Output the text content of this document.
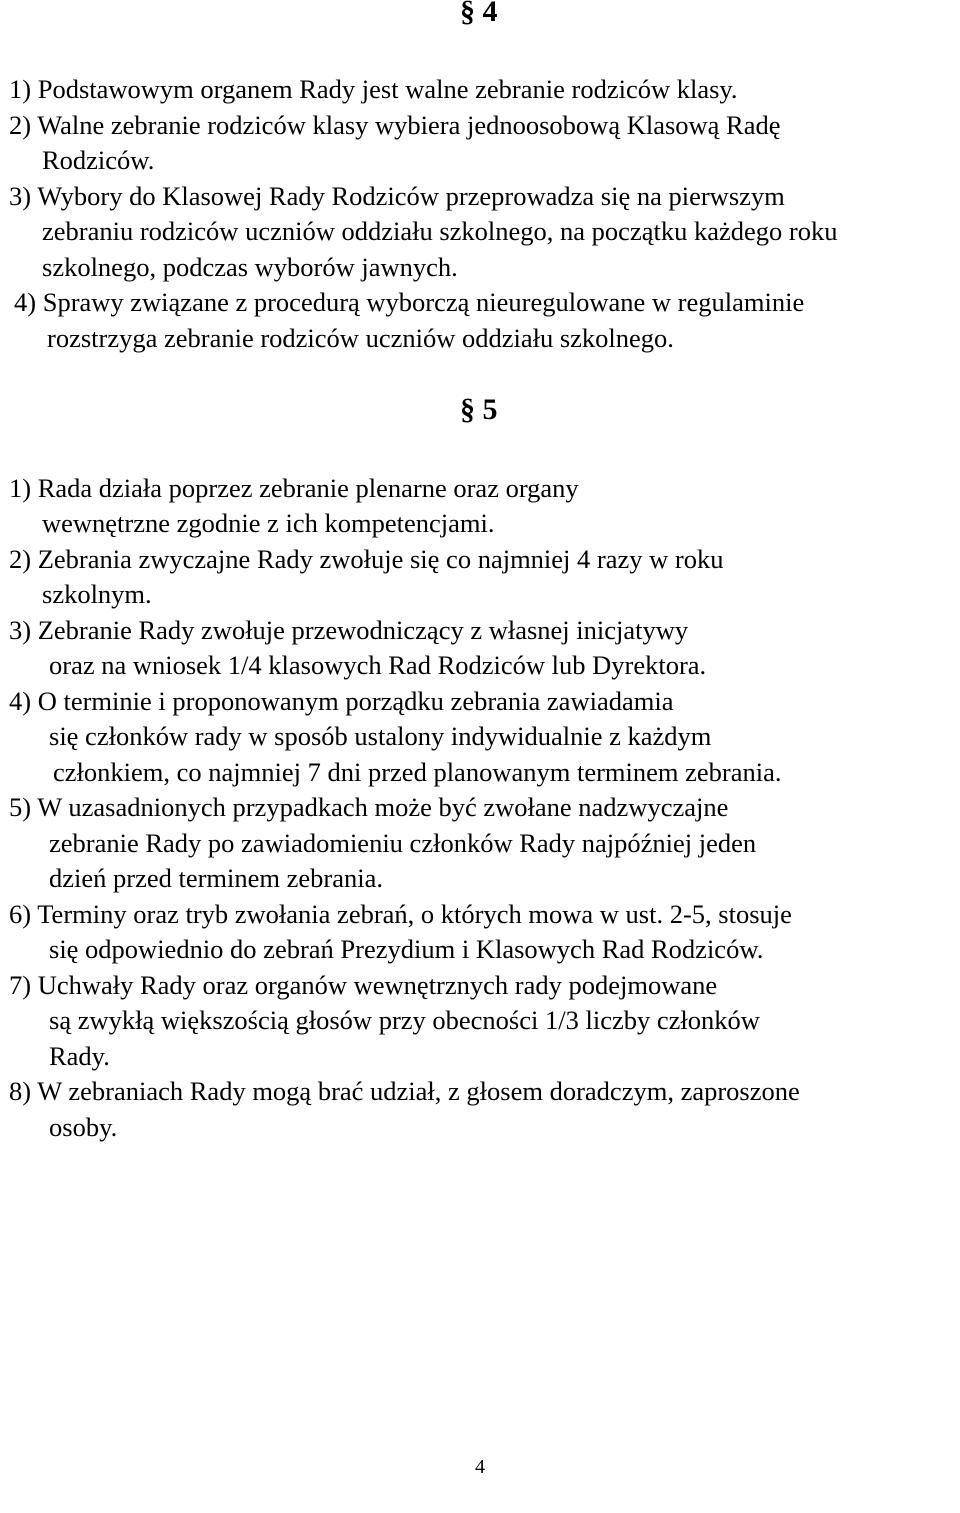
§ 4
1) Podstawowym organem Rady jest walne zebranie rodziców klasy.
2) Walne zebranie rodziców klasy wybiera jednoosobową Klasową Radę
Rodziców.
3) Wybory do Klasowej Rady Rodziców przeprowadza się na pierwszym
zebraniu rodziców uczniów oddziału szkolnego, na początku każdego roku
szkolnego, podczas wyborów jawnych.
4) Sprawy związane z procedurą wyborczą nieuregulowane w regulaminie
rozstrzyga zebranie rodziców uczniów oddziału szkolnego.
§ 5
1) Rada działa poprzez zebranie plenarne oraz organy
wewnętrzne zgodnie z ich kompetencjami.
2) Zebrania zwyczajne Rady zwołuje się co najmniej 4 razy w roku
szkolnym.
3) Zebranie Rady zwołuje przewodniczący z własnej inicjatywy
oraz na wniosek 1/4 klasowych Rad Rodziców lub Dyrektora.
4) O terminie i proponowanym porządku zebrania zawiadamia
się członków rady w sposób ustalony indywidualnie z każdym
członkiem, co najmniej 7 dni przed planowanym terminem zebrania.
5) W uzasadnionych przypadkach może być zwołane nadzwyczajne
zebranie Rady po zawiadomieniu członków Rady najpóźniej jeden
dzień przed terminem zebrania.
6) Terminy oraz tryb zwołania zebrań, o których mowa w ust. 2-5, stosuje
się odpowiednio do zebrań Prezydium i Klasowych Rad Rodziców.
7) Uchwały Rady oraz organów wewnętrznych rady podejmowane
są zwykłą większością głosów przy obecności 1/3 liczby członków
Rady.
8) W zebraniach Rady mogą brać udział, z głosem doradczym, zaproszone
osoby.
4
